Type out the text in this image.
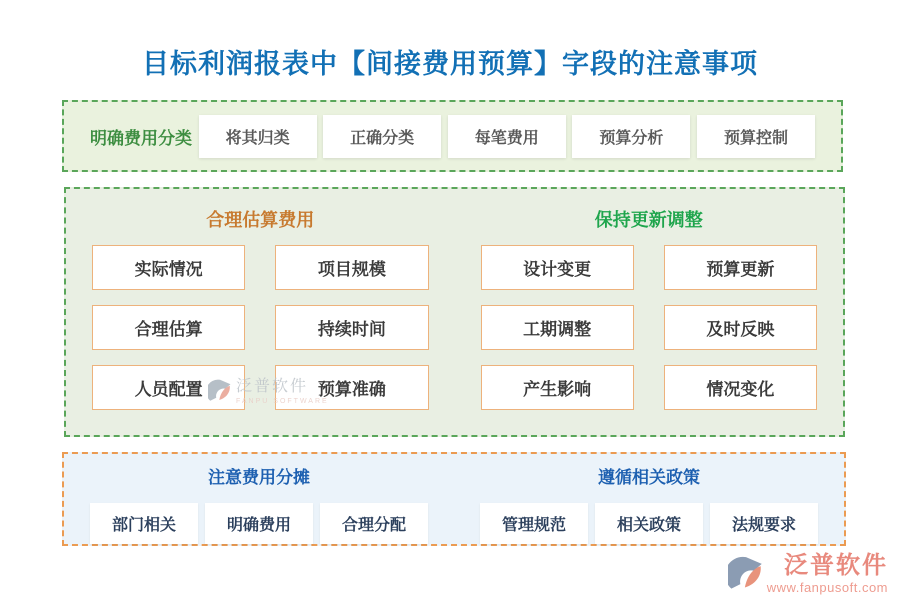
目标利润报表中【间接费用预算】字段的注意事项
明确费用分类	将其归类	正确分类	每笔费用	预算分析	预算控制
合理估算费用
实际情况	项目规模
合理估算	持续时间
人员配置	预算准确
保持更新调整
设计变更	预算更新
工期调整	及时反映
产生影响	情况变化
注意费用分摊
部门相关	明确费用	合理分配
遵循相关政策
管理规范	相关政策	法规要求
泛普软件
FANPU SOFTWARE
泛普软件
www.fanpusoft.com
